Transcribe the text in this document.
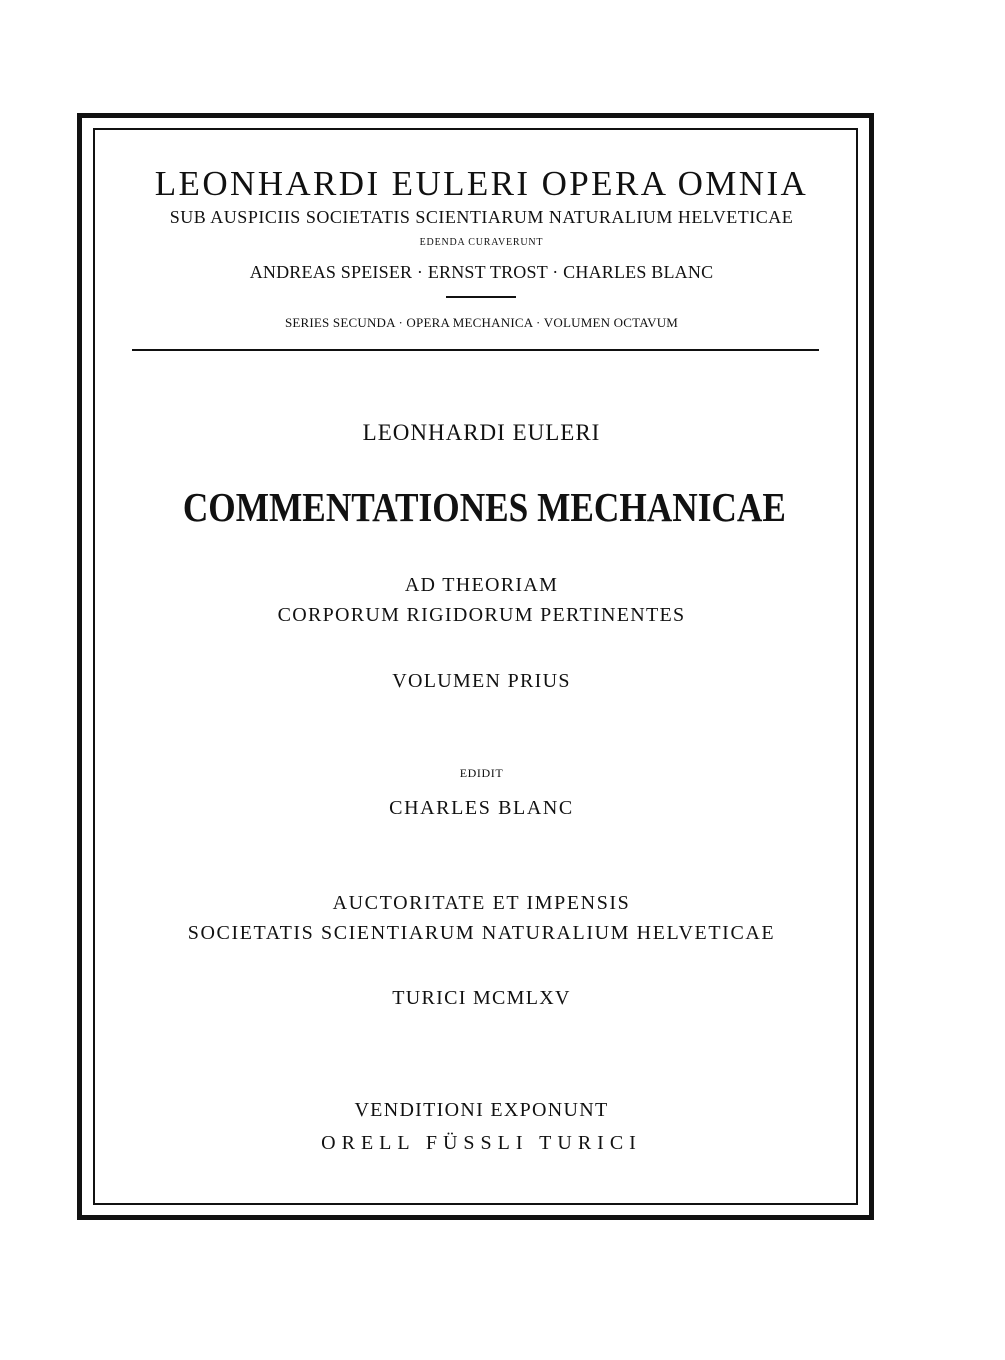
LEONHARDI EULERI OPERA OMNIA

SUB AUSPICIIS SOCIETATIS SCIENTIARUM NATURALIUM HELVETICAE

EDENDA CURAVERUNT

ANDREAS SPEISER · ERNST TROST · CHARLES BLANC

SERIES SECUNDA · OPERA MECHANICA · VOLUMEN OCTAVUM

LEONHARDI EULERI

COMMENTATIONES MECHANICAE

AD THEORIAM

CORPORUM RIGIDORUM PERTINENTES

VOLUMEN PRIUS

EDIDIT

CHARLES BLANC

AUCTORITATE ET IMPENSIS

SOCIETATIS SCIENTIARUM NATURALIUM HELVETICAE

TURICI MCMLXV

VENDITIONI EXPONUNT

ORELL FÜSSLI TURICI
